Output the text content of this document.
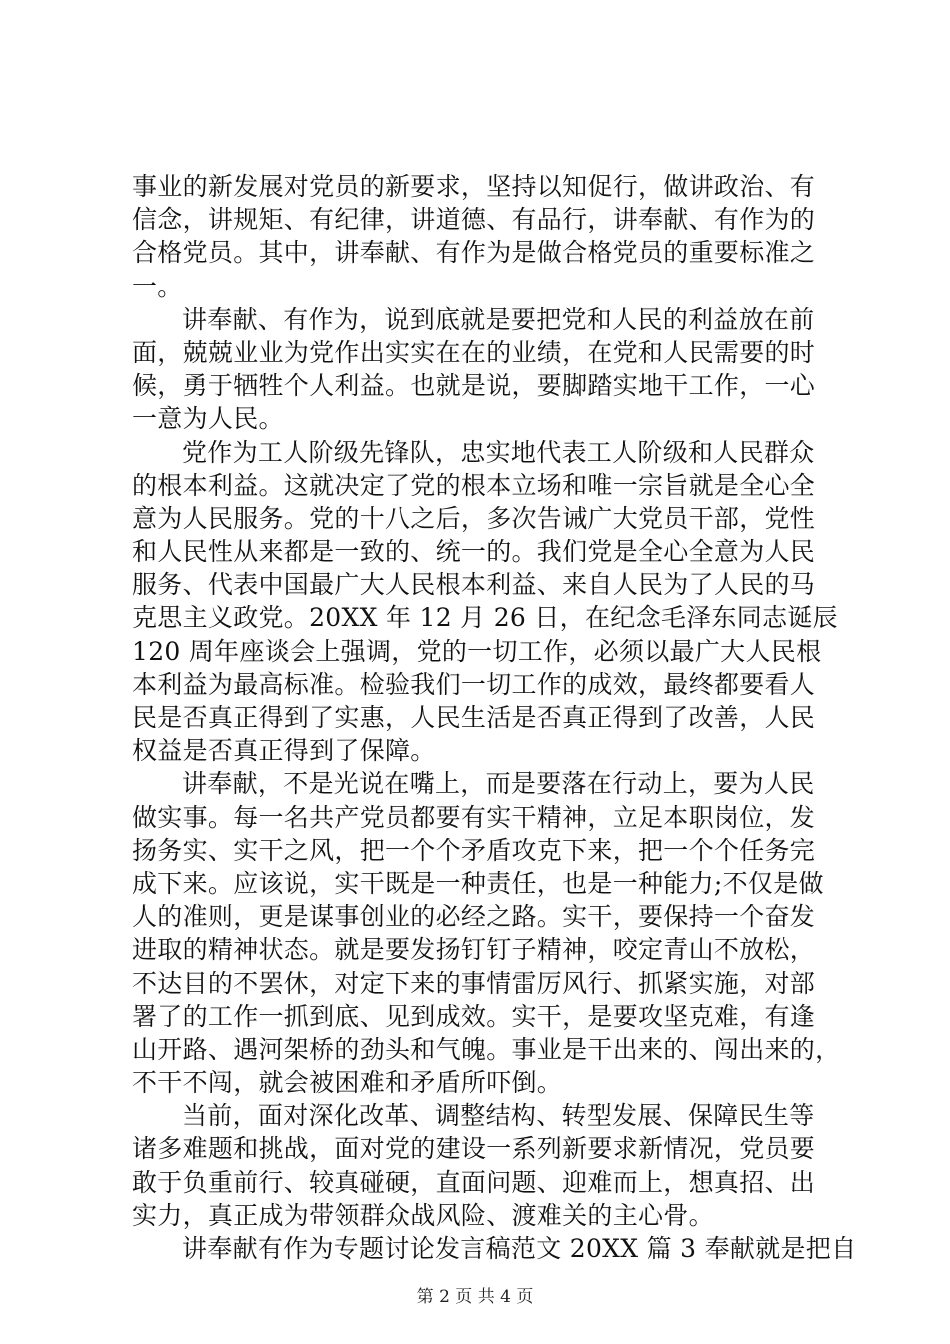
事业的新发展对党员的新要求，坚持以知促行，做讲政治、有
信念，讲规矩、有纪律，讲道德、有品行，讲奉献、有作为的
合格党员。其中，讲奉献、有作为是做合格党员的重要标准之
一。
讲奉献、有作为，说到底就是要把党和人民的利益放在前
面，兢兢业业为党作出实实在在的业绩，在党和人民需要的时
候，勇于牺牲个人利益。也就是说，要脚踏实地干工作，一心
一意为人民。
党作为工人阶级先锋队，忠实地代表工人阶级和人民群众
的根本利益。这就决定了党的根本立场和唯一宗旨就是全心全
意为人民服务。党的十八之后，多次告诫广大党员干部，党性
和人民性从来都是一致的、统一的。我们党是全心全意为人民
服务、代表中国最广大人民根本利益、来自人民为了人民的马
克思主义政党。20XX 年 12 月 26 日，在纪念毛泽东同志诞辰
120 周年座谈会上强调，党的一切工作，必须以最广大人民根
本利益为最高标准。检验我们一切工作的成效，最终都要看人
民是否真正得到了实惠，人民生活是否真正得到了改善，人民
权益是否真正得到了保障。
讲奉献，不是光说在嘴上，而是要落在行动上，要为人民
做实事。每一名共产党员都要有实干精神，立足本职岗位，发
扬务实、实干之风，把一个个矛盾攻克下来，把一个个任务完
成下来。应该说，实干既是一种责任，也是一种能力;不仅是做
人的准则，更是谋事创业的必经之路。实干，要保持一个奋发
进取的精神状态。就是要发扬钉钉子精神，咬定青山不放松，
不达目的不罢休，对定下来的事情雷厉风行、抓紧实施，对部
署了的工作一抓到底、见到成效。实干，是要攻坚克难，有逢
山开路、遇河架桥的劲头和气魄。事业是干出来的、闯出来的，
不干不闯，就会被困难和矛盾所吓倒。
当前，面对深化改革、调整结构、转型发展、保障民生等
诸多难题和挑战，面对党的建设一系列新要求新情况，党员要
敢于负重前行、较真碰硬，直面问题、迎难而上，想真招、出
实力，真正成为带领群众战风险、渡难关的主心骨。
讲奉献有作为专题讨论发言稿范文 20XX 篇 3 奉献就是把自
第 2 页 共 4 页
